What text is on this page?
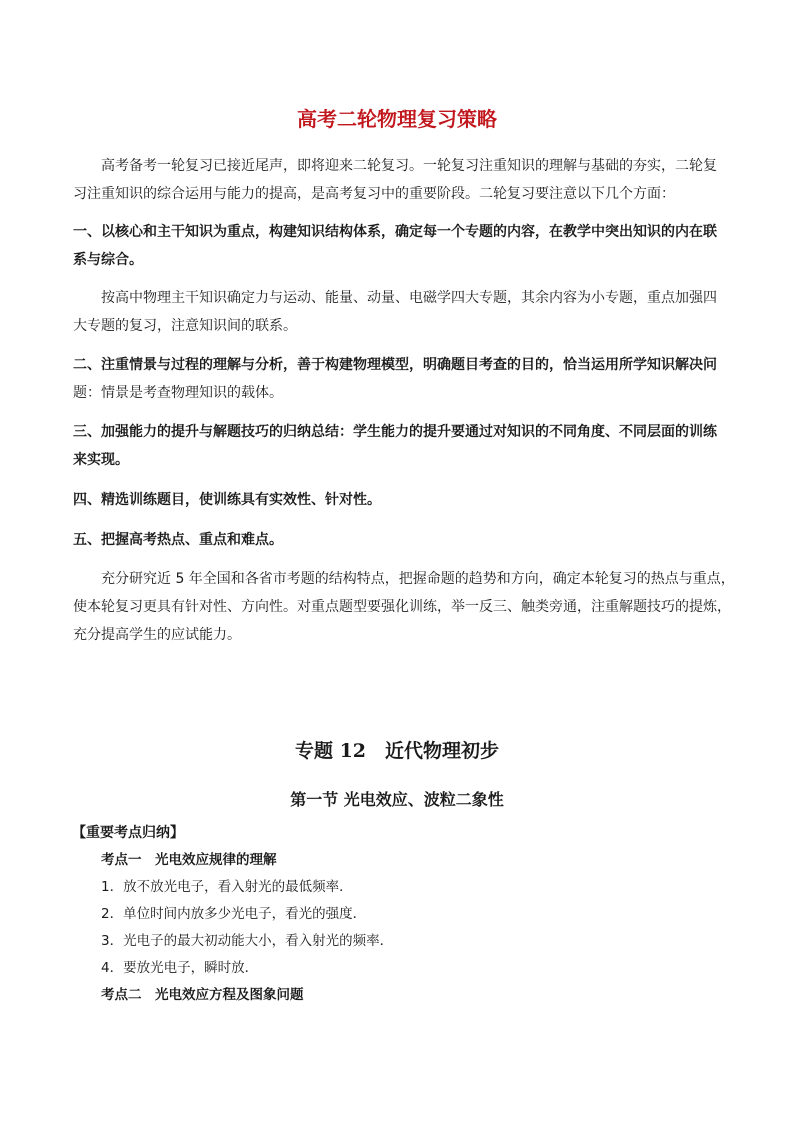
高考二轮物理复习策略
高考备考一轮复习已接近尾声，即将迎来二轮复习。一轮复习注重知识的理解与基础的夯实，二轮复
习注重知识的综合运用与能力的提高，是高考复习中的重要阶段。二轮复习要注意以下几个方面：
一、以核心和主干知识为重点，构建知识结构体系，确定每一个专题的内容，在教学中突出知识的内在联
系与综合。
按高中物理主干知识确定力与运动、能量、动量、电磁学四大专题，其余内容为小专题，重点加强四
大专题的复习，注意知识间的联系。
二、注重情景与过程的理解与分析，善于构建物理模型，明确题目考查的目的，恰当运用所学知识解决问
题：情景是考查物理知识的载体。
三、加强能力的提升与解题技巧的归纳总结：学生能力的提升要通过对知识的不同角度、不同层面的训练
来实现。
四、精选训练题目，使训练具有实效性、针对性。
五、把握高考热点、重点和难点。
充分研究近 5 年全国和各省市考题的结构特点，把握命题的趋势和方向，确定本轮复习的热点与重点，
使本轮复习更具有针对性、方向性。对重点题型要强化训练，举一反三、触类旁通，注重解题技巧的提炼，
充分提高学生的应试能力。
专题 12　近代物理初步
第一节 光电效应、波粒二象性
【重要考点归纳】
考点一　光电效应规律的理解
1．放不放光电子，看入射光的最低频率．
2．单位时间内放多少光电子，看光的强度．
3．光电子的最大初动能大小，看入射光的频率．
4．要放光电子，瞬时放．
考点二　光电效应方程及图象问题
